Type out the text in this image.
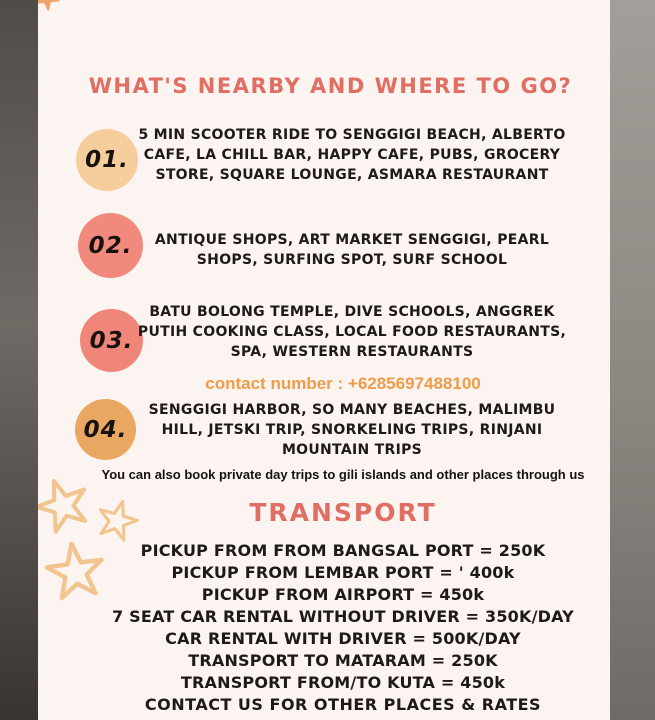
WHAT'S NEARBY AND WHERE TO GO?
01.
5 MIN SCOOTER RIDE TO SENGGIGI BEACH, ALBERTO CAFE, LA CHILL BAR, HAPPY CAFE, PUBS, GROCERY STORE, SQUARE LOUNGE, ASMARA RESTAURANT
02.	ANTIQUE SHOPS, ART MARKET SENGGIGI, PEARL SHOPS, SURFING SPOT, SURF SCHOOL
03.
BATU BOLONG TEMPLE, DIVE SCHOOLS, ANGGREK PUTIH COOKING CLASS, LOCAL FOOD RESTAURANTS, SPA, WESTERN RESTAURANTS
contact number : +6285697488100
04.
SENGGIGI HARBOR, SO MANY BEACHES, MALIMBU HILL, JETSKI TRIP, SNORKELING TRIPS, RINJANI MOUNTAIN TRIPS
You can also book private day trips to gili islands and other places through us
TRANSPORT
PICKUP FROM FROM BANGSAL PORT = 250K
PICKUP FROM LEMBAR PORT = ' 400k
PICKUP FROM AIRPORT = 450k
7 SEAT CAR RENTAL WITHOUT DRIVER = 350K/DAY
CAR RENTAL WITH DRIVER = 500K/DAY
TRANSPORT TO MATARAM = 250K
TRANSPORT FROM/TO KUTA = 450k
CONTACT US FOR OTHER PLACES & RATES
